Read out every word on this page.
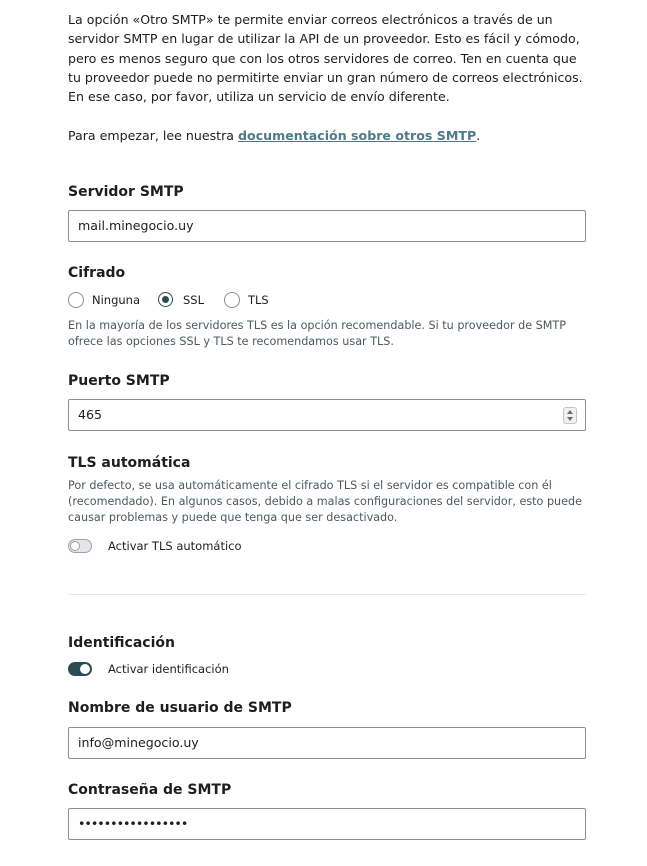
La opción «Otro SMTP» te permite enviar correos electrónicos a través de un servidor SMTP en lugar de utilizar la API de un proveedor. Esto es fácil y cómodo, pero es menos seguro que con los otros servidores de correo. Ten en cuenta que tu proveedor puede no permitirte enviar un gran número de correos electrónicos. En ese caso, por favor, utiliza un servicio de envío diferente.

Para empezar, lee nuestra documentación sobre otros SMTP.

Servidor SMTP
mail.minegocio.uy
Cifrado
Ninguna	SSL	TLS

En la mayoría de los servidores TLS es la opción recomendable. Si tu proveedor de SMTP ofrece las opciones SSL y TLS te recomendamos usar TLS.

Puerto SMTP
465
TLS automática

Por defecto, se usa automáticamente el cifrado TLS si el servidor es compatible con él (recomendado). En algunos casos, debido a malas configuraciones del servidor, esto puede causar problemas y puede que tenga que ser desactivado.

Activar TLS automático
Identificación
Activar identificación
Nombre de usuario de SMTP
info@minegocio.uy
Contraseña de SMTP
•••••••••••••••••
